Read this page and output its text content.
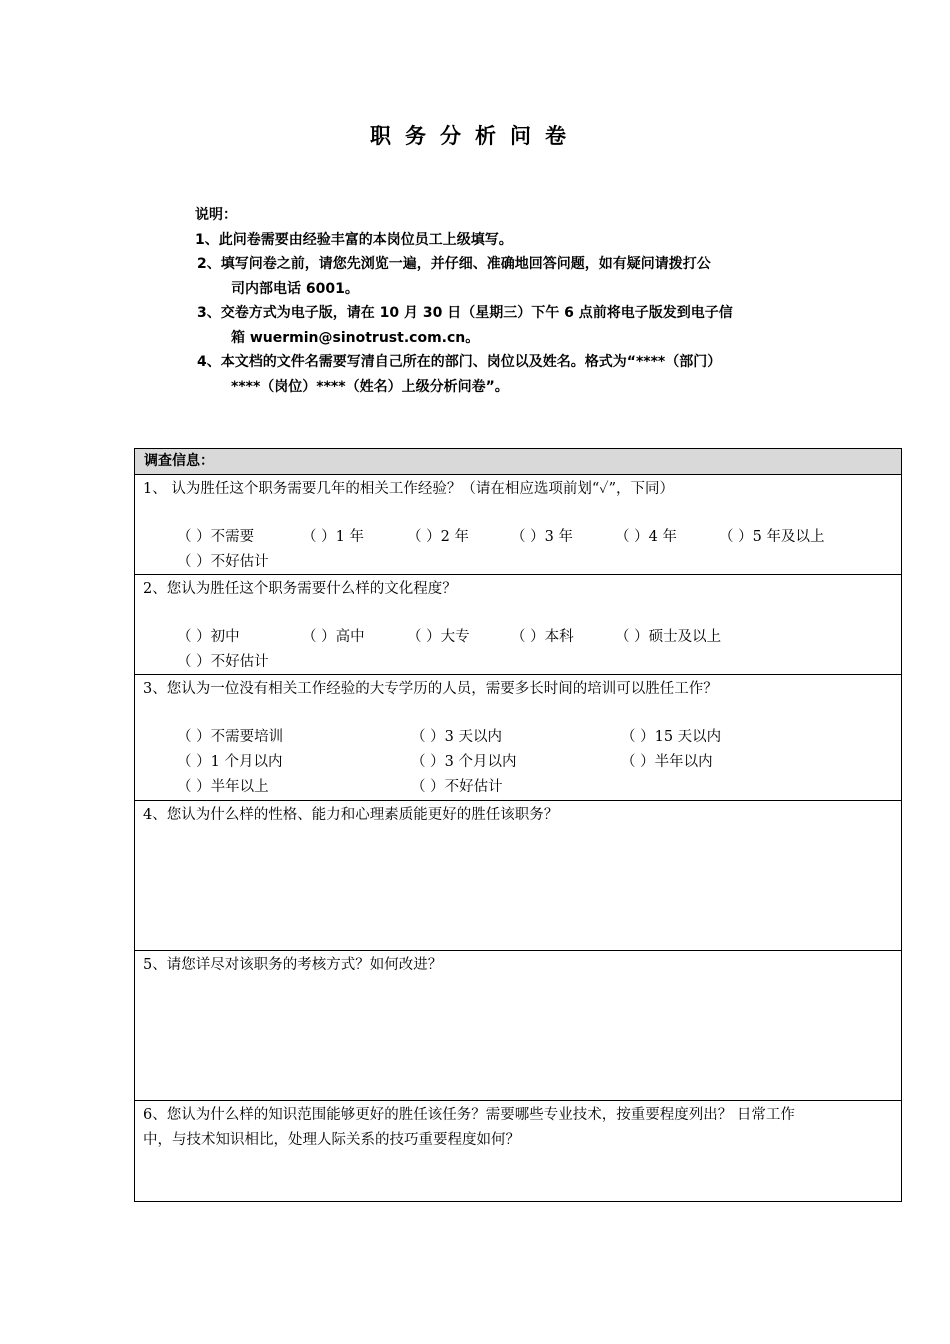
职务分析问卷
说明：
1、此问卷需要由经验丰富的本岗位员工上级填写。
2、填写问卷之前，请您先浏览一遍，并仔细、准确地回答问题，如有疑问请拨打公
司内部电话 6001。
3、交卷方式为电子版，请在 10 月 30 日（星期三）下午 6 点前将电子版发到电子信
箱 wuermin@sinotrust.com.cn。
4、本文档的文件名需要写清自己所在的部门、岗位以及姓名。格式为“****（部门）
****（岗位）****（姓名）上级分析问卷”。
调查信息：
1、 认为胜任这个职务需要几年的相关工作经验？（请在相应选项前划“✓”，下同）
（ ）不需要	（ ）1 年	（ ）2 年	（ ）3 年	（ ）4 年	（ ）5 年及以上
（ ）不好估计
2、您认为胜任这个职务需要什么样的文化程度？
（ ）初中	（ ）高中	（ ）大专	（ ）本科	（ ）硕士及以上
（ ）不好估计
3、您认为一位没有相关工作经验的大专学历的人员，需要多长时间的培训可以胜任工作？
（ ）不需要培训	（ ）3 天以内	（ ）15 天以内
（ ）1 个月以内	（ ）3 个月以内	（ ）半年以内
（ ）半年以上	（ ）不好估计
4、您认为什么样的性格、能力和心理素质能更好的胜任该职务？
5、请您详尽对该职务的考核方式？如何改进？
6、您认为什么样的知识范围能够更好的胜任该任务？需要哪些专业技术，按重要程度列出？ 日常工作
中，与技术知识相比，处理人际关系的技巧重要程度如何？
